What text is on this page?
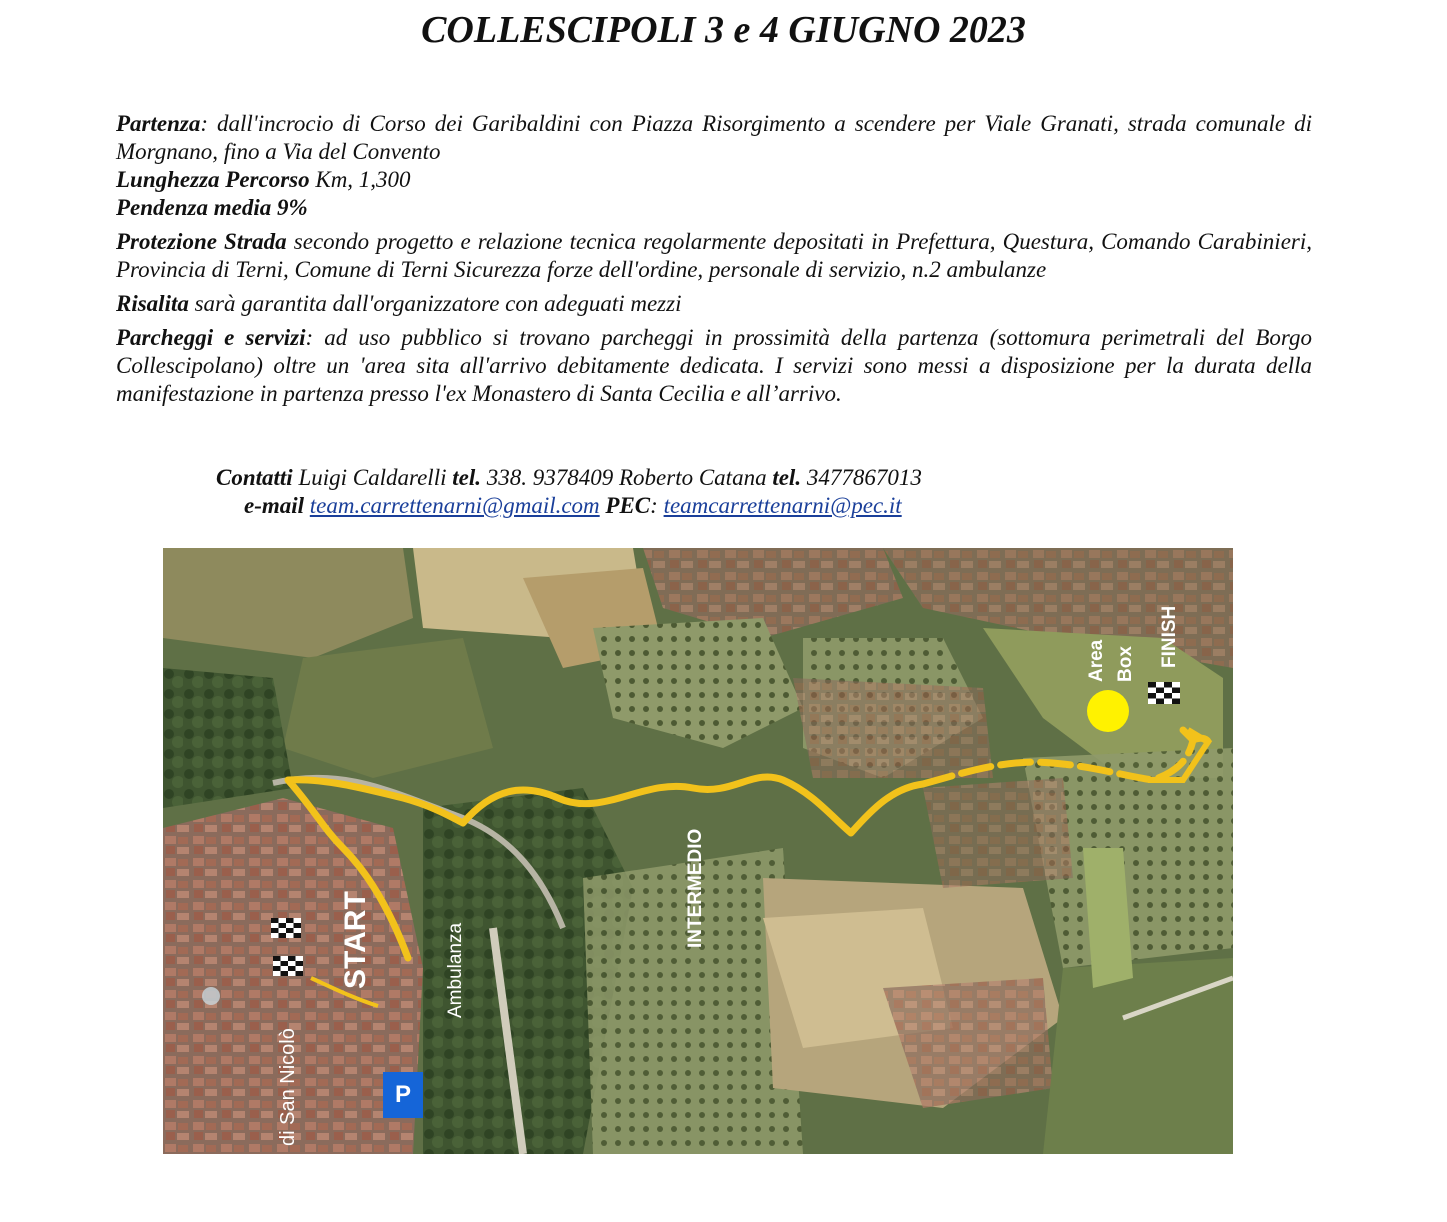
COLLESCIPOLI 3 e 4 GIUGNO 2023

Partenza: dall'incrocio di Corso dei Garibaldini con Piazza Risorgimento a scendere per Viale Granati, strada comunale di Morgnano, fino a Via del Convento

Lunghezza Percorso Km, 1,300

Pendenza media 9%

Protezione Strada secondo progetto e relazione tecnica regolarmente depositati in Prefettura, Questura, Comando Carabinieri, Provincia di Terni, Comune di Terni Sicurezza forze dell'ordine, personale di servizio, n.2 ambulanze

Risalita sarà garantita dall'organizzatore con adeguati mezzi

Parcheggi e servizi: ad uso pubblico si trovano parcheggi in prossimità della partenza (sottomura perimetrali del Borgo Collescipolano) oltre un 'area sita all'arrivo debitamente dedicata. I servizi sono messi a disposizione per la durata della manifestazione in partenza presso l'ex Monastero di Santa Cecilia e all’arrivo.

Contatti Luigi Caldarelli tel. 338. 9378409 Roberto Catana tel. 3477867013
e-mail team.carrettenarni@gmail.com PEC: teamcarrettenarni@pec.it
START	INTERMEDIO
Ambulanza
di San Nicolò
Area Box FINISH
P
